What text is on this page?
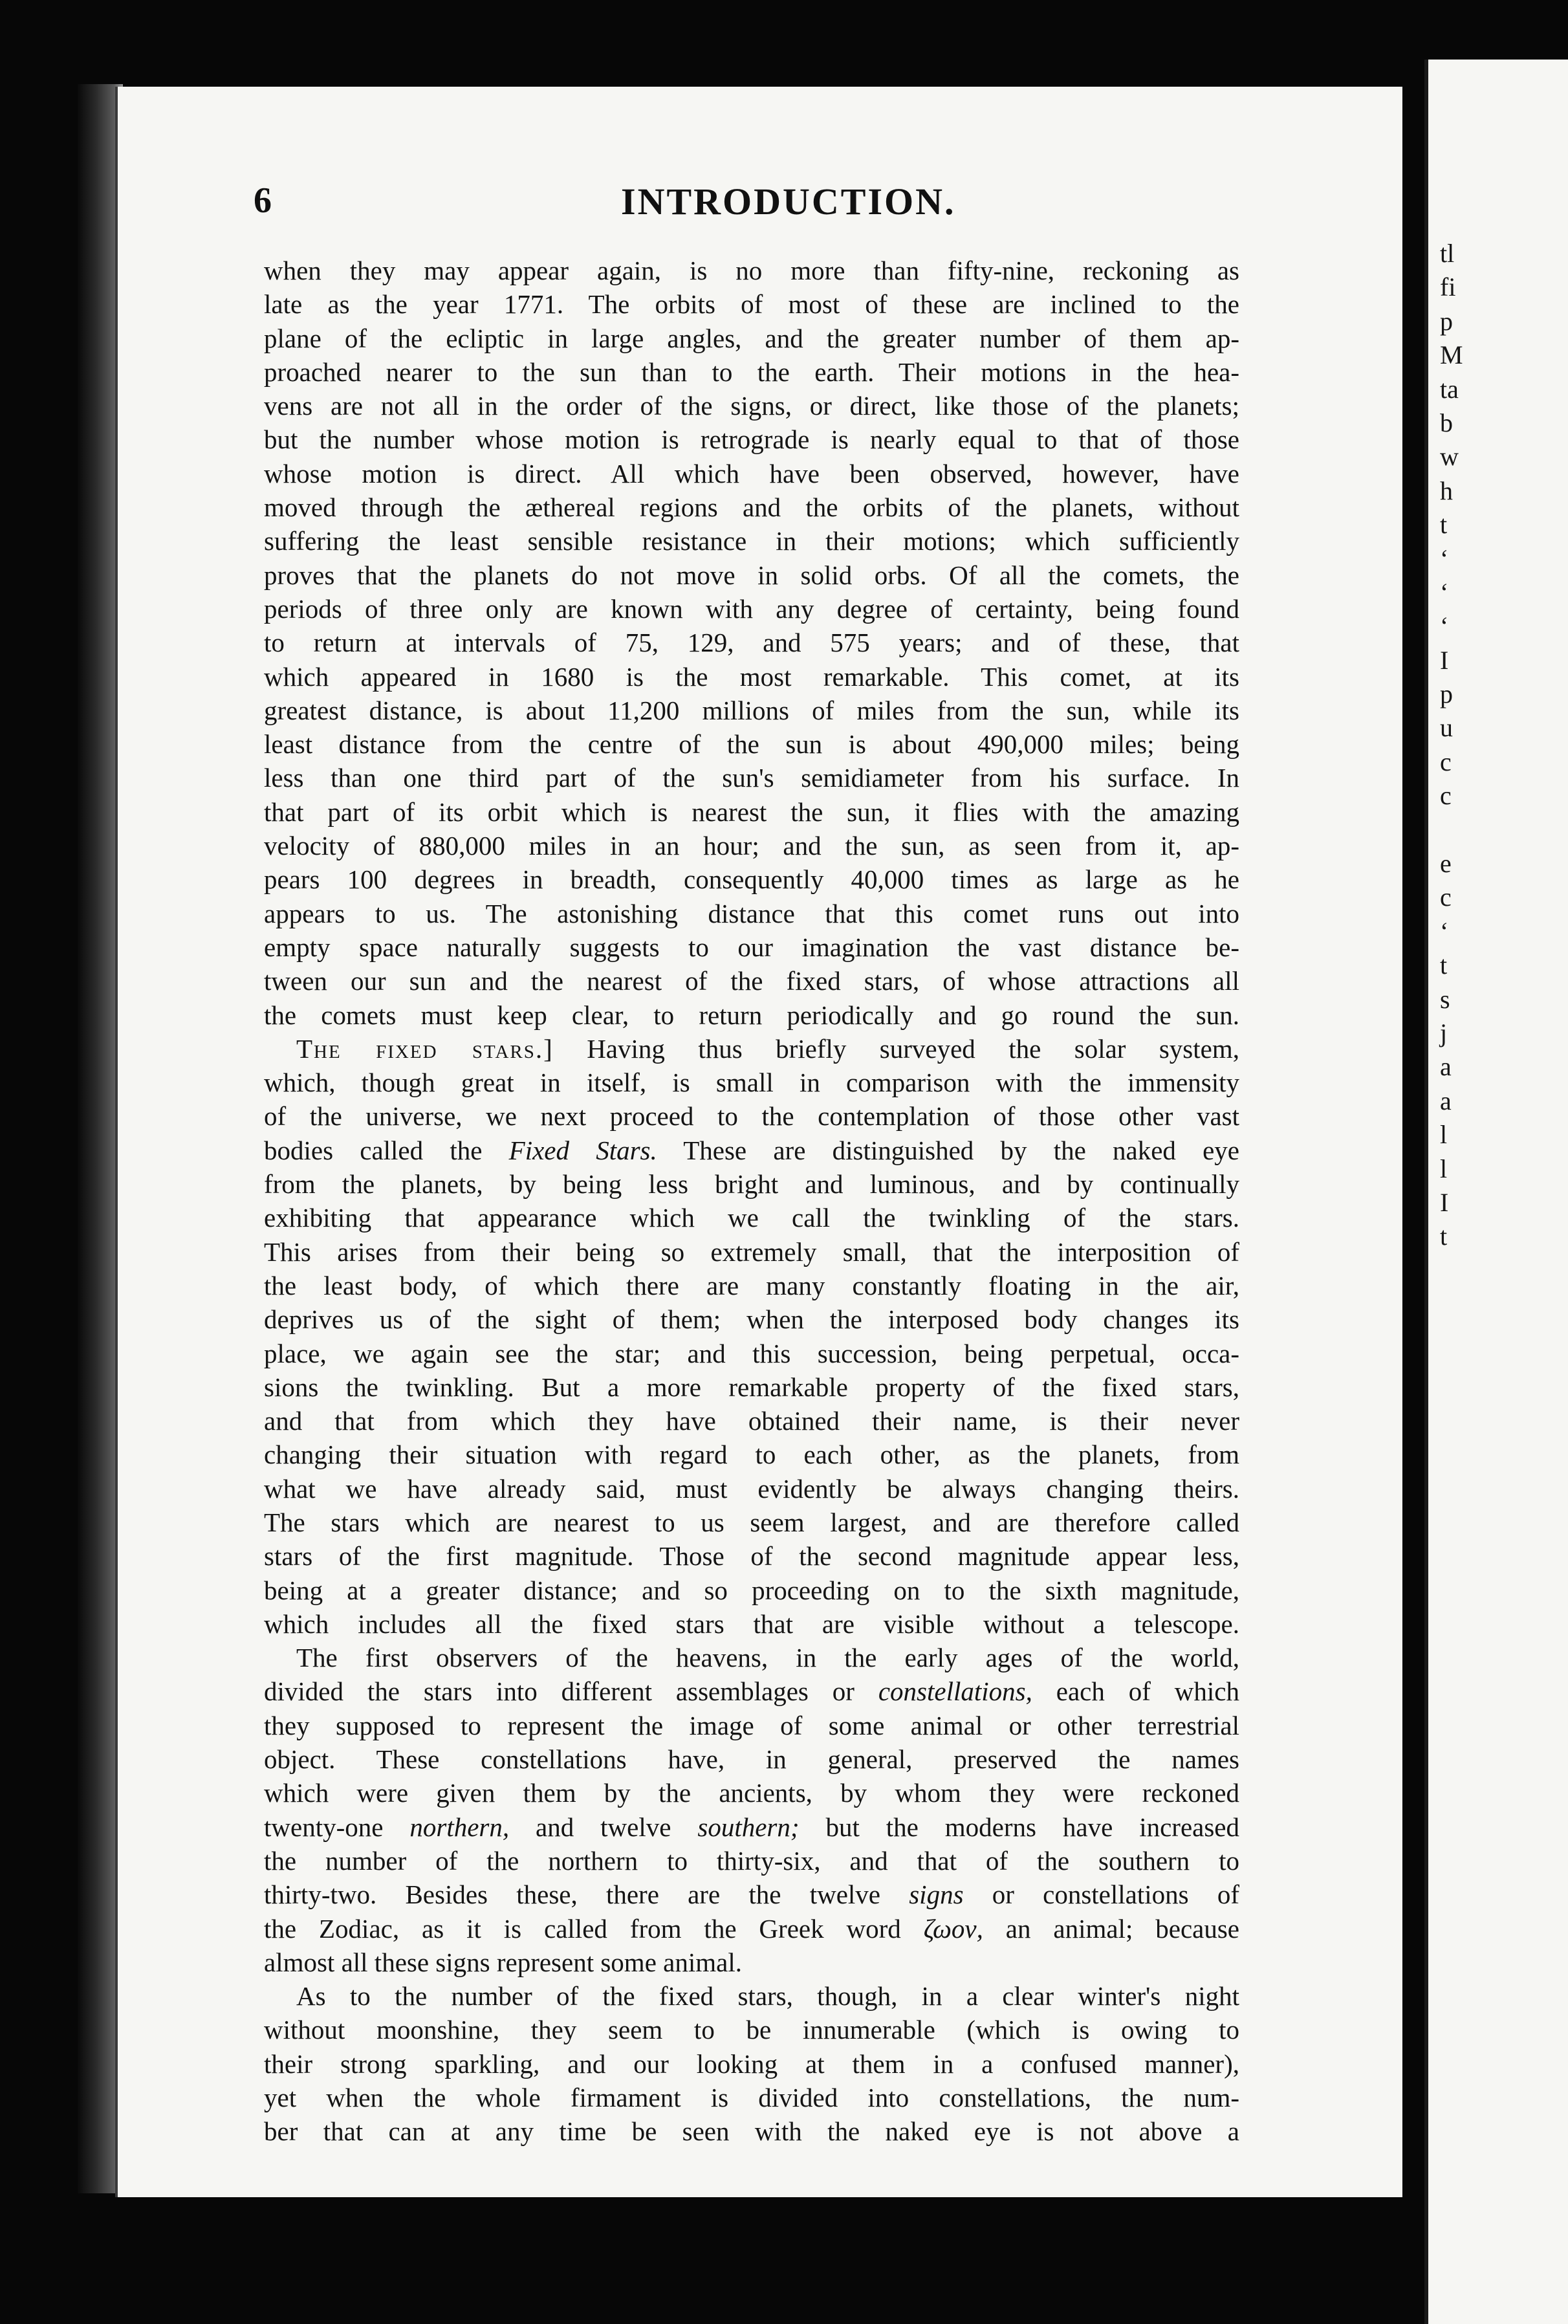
tl
fi
p
M
ta
b
w
h
t
‘
‘
‘
I
p
u
c
c
e
c
‘
t
s
j
a
a
l
l
I
t
6	INTRODUCTION.
when they may appear again, is no more than fifty-nine, reckoning as
late as the year 1771. The orbits of most of these are inclined to the
plane of the ecliptic in large angles, and the greater number of them ap-
proached nearer to the sun than to the earth. Their motions in the hea-
vens are not all in the order of the signs, or direct, like those of the planets;
but the number whose motion is retrograde is nearly equal to that of those
whose motion is direct. All which have been observed, however, have
moved through the æthereal regions and the orbits of the planets, without
suffering the least sensible resistance in their motions; which sufficiently
proves that the planets do not move in solid orbs. Of all the comets, the
periods of three only are known with any degree of certainty, being found
to return at intervals of 75, 129, and 575 years; and of these, that
which appeared in 1680 is the most remarkable. This comet, at its
greatest distance, is about 11,200 millions of miles from the sun, while its
least distance from the centre of the sun is about 490,000 miles; being
less than one third part of the sun's semidiameter from his surface. In
that part of its orbit which is nearest the sun, it flies with the amazing
velocity of 880,000 miles in an hour; and the sun, as seen from it, ap-
pears 100 degrees in breadth, consequently 40,000 times as large as he
appears to us. The astonishing distance that this comet runs out into
empty space naturally suggests to our imagination the vast distance be-
tween our sun and the nearest of the fixed stars, of whose attractions all
the comets must keep clear, to return periodically and go round the sun.
The fixed stars.] Having thus briefly surveyed the solar system,
which, though great in itself, is small in comparison with the immensity
of the universe, we next proceed to the contemplation of those other vast
bodies called the Fixed Stars. These are distinguished by the naked eye
from the planets, by being less bright and luminous, and by continually
exhibiting that appearance which we call the twinkling of the stars.
This arises from their being so extremely small, that the interposition of
the least body, of which there are many constantly floating in the air,
deprives us of the sight of them; when the interposed body changes its
place, we again see the star; and this succession, being perpetual, occa-
sions the twinkling. But a more remarkable property of the fixed stars,
and that from which they have obtained their name, is their never
changing their situation with regard to each other, as the planets, from
what we have already said, must evidently be always changing theirs.
The stars which are nearest to us seem largest, and are therefore called
stars of the first magnitude. Those of the second magnitude appear less,
being at a greater distance; and so proceeding on to the sixth magnitude,
which includes all the fixed stars that are visible without a telescope.
The first observers of the heavens, in the early ages of the world,
divided the stars into different assemblages or constellations, each of which
they supposed to represent the image of some animal or other terrestrial
object. These constellations have, in general, preserved the names
which were given them by the ancients, by whom they were reckoned
twenty-one northern, and twelve southern; but the moderns have increased
the number of the northern to thirty-six, and that of the southern to
thirty-two. Besides these, there are the twelve signs or constellations of
the Zodiac, as it is called from the Greek word ζωον, an animal; because
almost all these signs represent some animal.
As to the number of the fixed stars, though, in a clear winter's night
without moonshine, they seem to be innumerable (which is owing to
their strong sparkling, and our looking at them in a confused manner),
yet when the whole firmament is divided into constellations, the num-
ber that can at any time be seen with the naked eye is not above a
